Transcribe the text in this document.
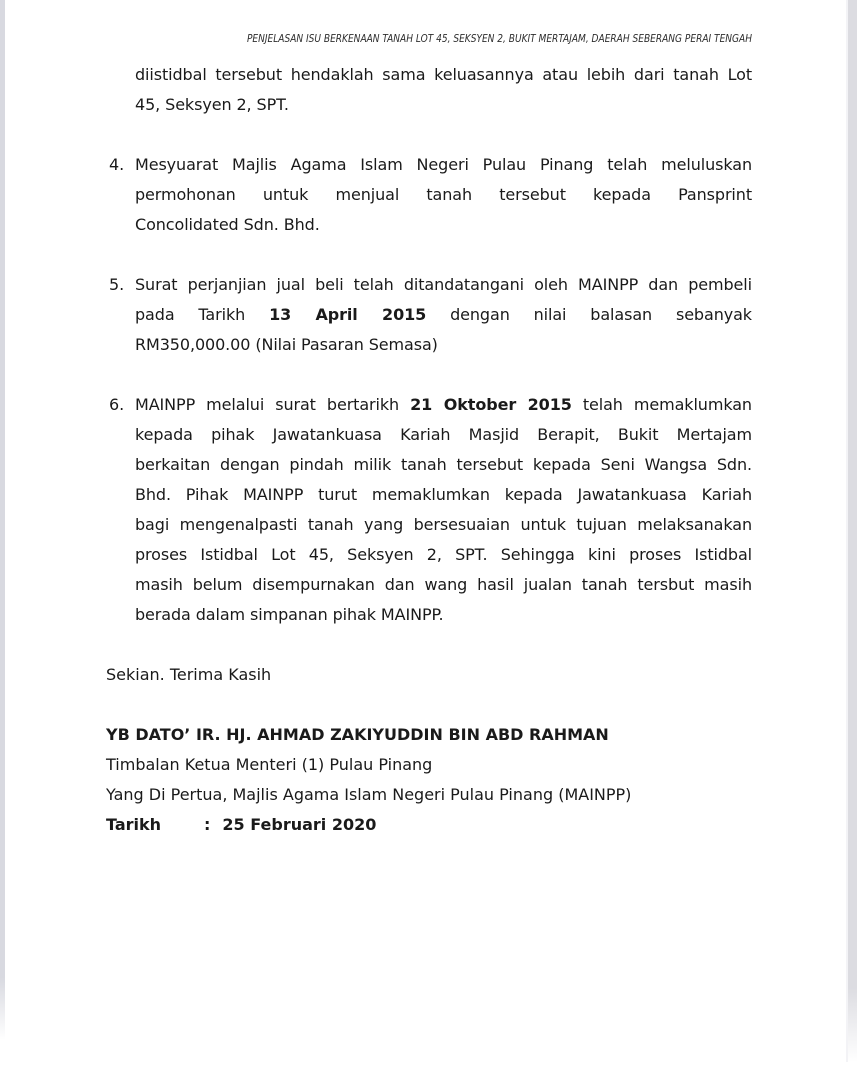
PENJELASAN ISU BERKENAAN TANAH LOT 45, SEKSYEN 2, BUKIT MERTAJAM, DAERAH SEBERANG PERAI TENGAH
diistidbal tersebut hendaklah sama keluasannya atau lebih dari tanah Lot
45, Seksyen 2, SPT.
4. Mesyuarat Majlis Agama Islam Negeri Pulau Pinang telah meluluskan
permohonan untuk menjual tanah tersebut kepada Pansprint
Concolidated Sdn. Bhd.
5. Surat perjanjian jual beli telah ditandatangani oleh MAINPP dan pembeli
pada Tarikh 13 April 2015 dengan nilai balasan sebanyak
RM350,000.00 (Nilai Pasaran Semasa)
6. MAINPP melalui surat bertarikh 21 Oktober 2015 telah memaklumkan
kepada pihak Jawatankuasa Kariah Masjid Berapit, Bukit Mertajam
berkaitan dengan pindah milik tanah tersebut kepada Seni Wangsa Sdn.
Bhd. Pihak MAINPP turut memaklumkan kepada Jawatankuasa Kariah
bagi mengenalpasti tanah yang bersesuaian untuk tujuan melaksanakan
proses Istidbal Lot 45, Seksyen 2, SPT. Sehingga kini proses Istidbal
masih belum disempurnakan dan wang hasil jualan tanah tersbut masih
berada dalam simpanan pihak MAINPP.
Sekian. Terima Kasih
YB DATO’ IR. HJ. AHMAD ZAKIYUDDIN BIN ABD RAHMAN
Timbalan Ketua Menteri (1) Pulau Pinang
Yang Di Pertua, Majlis Agama Islam Negeri Pulau Pinang (MAINPP)
Tarikh	: 25 Februari 2020
